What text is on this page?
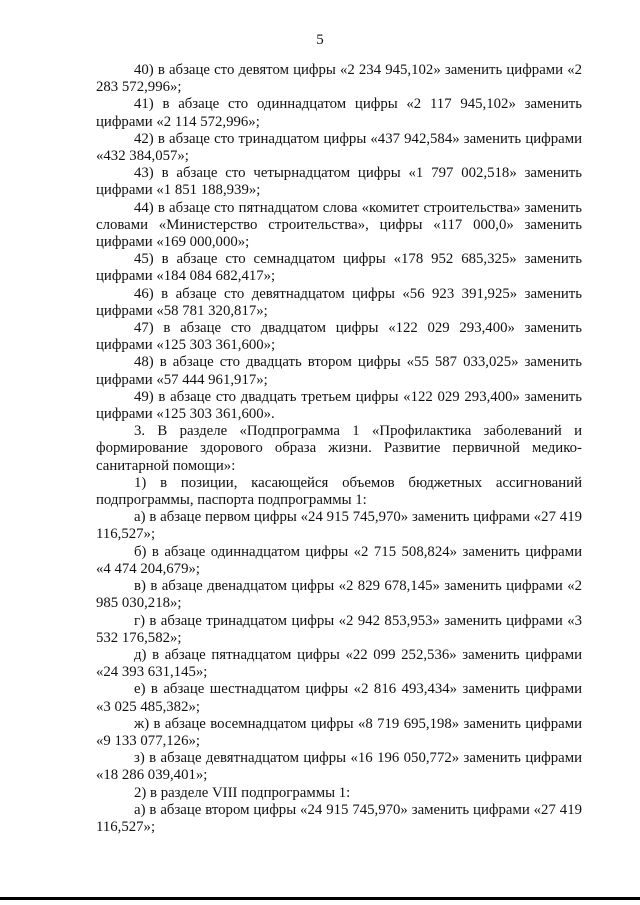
5

40) в абзаце сто девятом цифры «2 234 945,102» заменить цифрами «2 283 572,996»;

41) в абзаце сто одиннадцатом цифры «2 117 945,102» заменить цифрами «2 114 572,996»;

42) в абзаце сто тринадцатом цифры «437 942,584» заменить цифрами «432 384,057»;

43) в абзаце сто четырнадцатом цифры «1 797 002,518» заменить цифрами «1 851 188,939»;

44) в абзаце сто пятнадцатом слова «комитет строительства» заменить словами «Министерство строительства», цифры «117 000,0» заменить цифрами «169 000,000»;

45) в абзаце сто семнадцатом цифры «178 952 685,325» заменить цифрами «184 084 682,417»;

46) в абзаце сто девятнадцатом цифры «56 923 391,925» заменить цифрами «58 781 320,817»;

47) в абзаце сто двадцатом цифры «122 029 293,400» заменить цифрами «125 303 361,600»;

48) в абзаце сто двадцать втором цифры «55 587 033,025» заменить цифрами «57 444 961,917»;

49) в абзаце сто двадцать третьем цифры «122 029 293,400» заменить цифрами «125 303 361,600».

3. В разделе «Подпрограмма 1 «Профилактика заболеваний и формирование здорового образа жизни. Развитие первичной медико-санитарной помощи»:

1) в позиции, касающейся объемов бюджетных ассигнований подпрограммы, паспорта подпрограммы 1:

а) в абзаце первом цифры «24 915 745,970» заменить цифрами «27 419 116,527»;

б) в абзаце одиннадцатом цифры «2 715 508,824» заменить цифрами «4 474 204,679»;

в) в абзаце двенадцатом цифры «2 829 678,145» заменить цифрами «2 985 030,218»;

г) в абзаце тринадцатом цифры «2 942 853,953» заменить цифрами «3 532 176,582»;

д) в абзаце пятнадцатом цифры «22 099 252,536» заменить цифрами «24 393 631,145»;

е) в абзаце шестнадцатом цифры «2 816 493,434» заменить цифрами «3 025 485,382»;

ж) в абзаце восемнадцатом цифры «8 719 695,198» заменить цифрами «9 133 077,126»;

з) в абзаце девятнадцатом цифры «16 196 050,772» заменить цифрами «18 286 039,401»;

2) в разделе VIII подпрограммы 1:

а) в абзаце втором цифры «24 915 745,970» заменить цифрами «27 419 116,527»;
